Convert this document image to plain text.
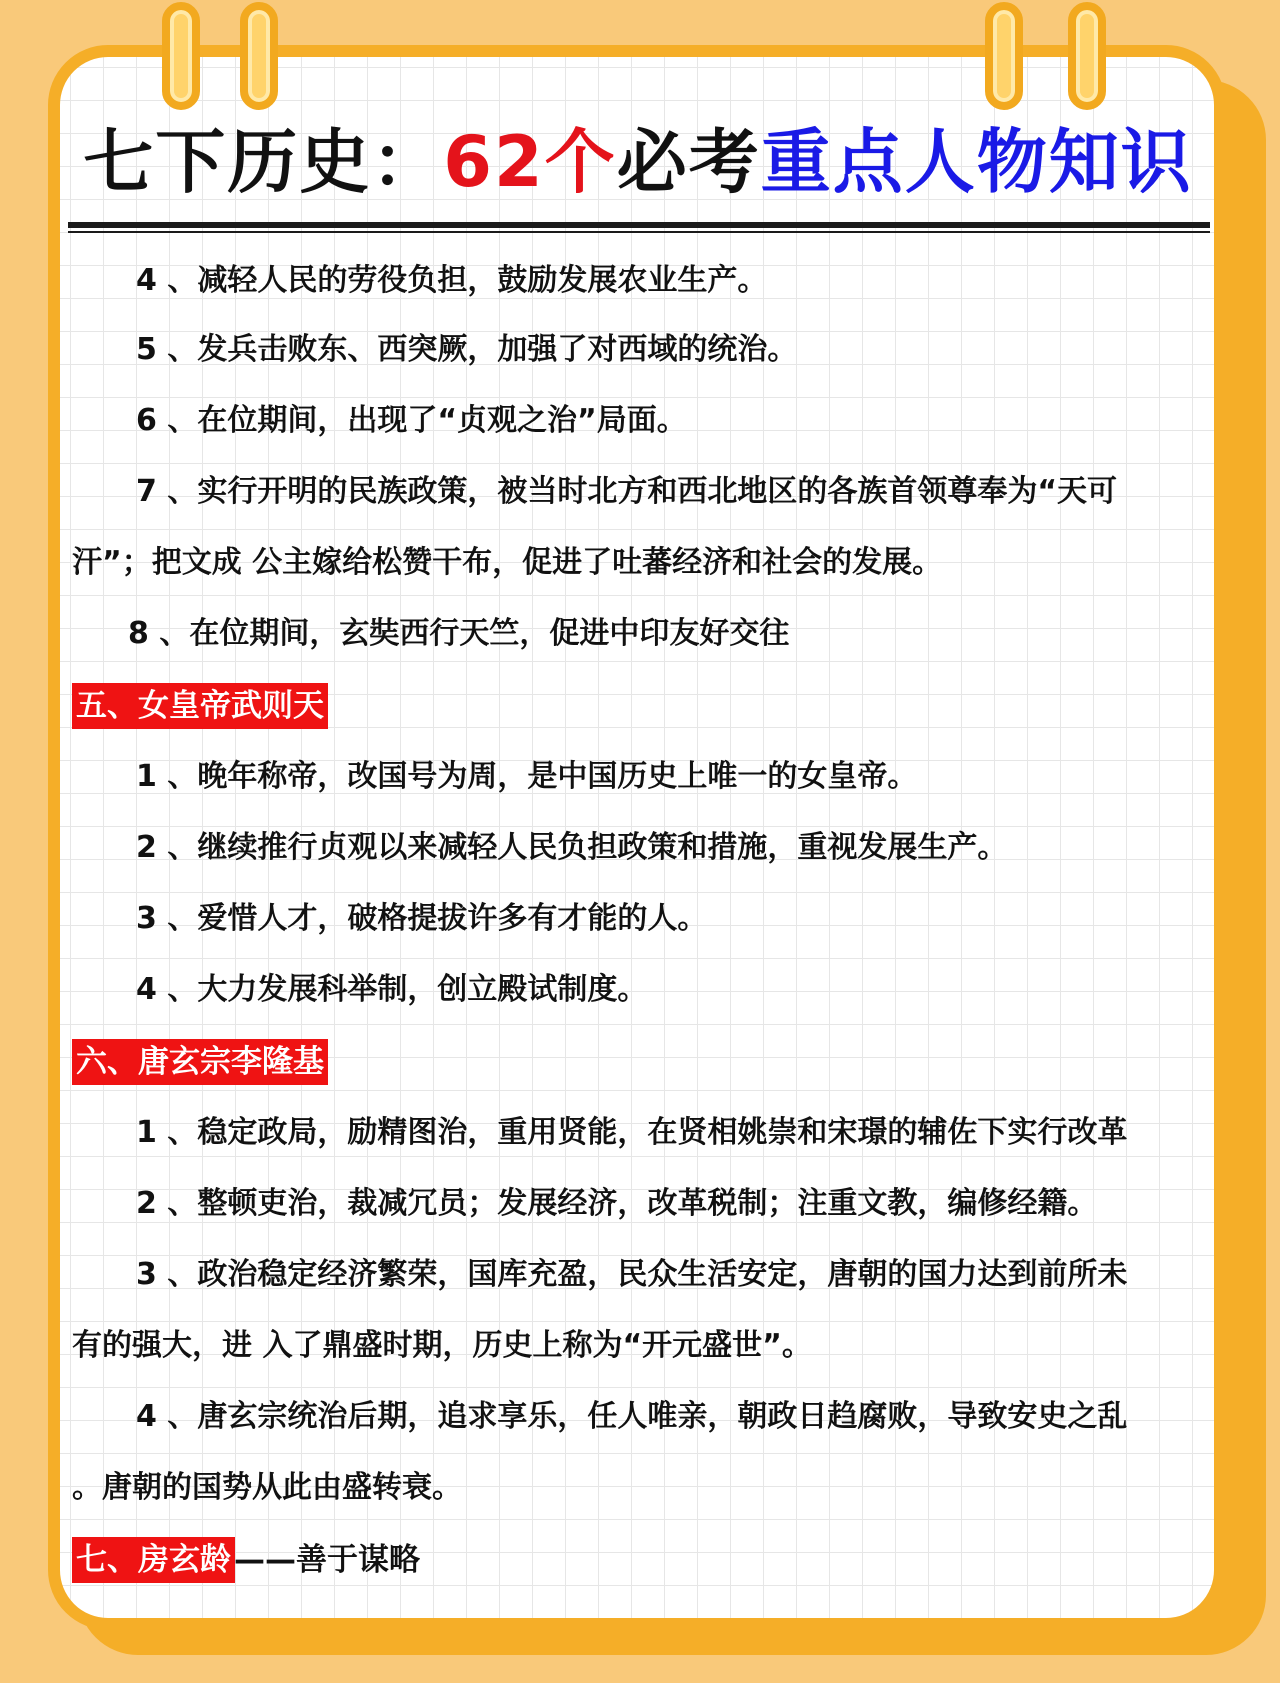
七下历史：62个必考重点人物知识
4 、减轻人民的劳役负担，鼓励发展农业生产。
5 、发兵击败东、西突厥，加强了对西域的统治。
6 、在位期间，出现了“贞观之治”局面。
7 、实行开明的民族政策，被当时北方和西北地区的各族首领尊奉为“天可
汗”；把文成 公主嫁给松赞干布，促进了吐蕃经济和社会的发展。
8 、在位期间，玄奘西行天竺，促进中印友好交往
五、女皇帝武则天
1 、晚年称帝，改国号为周，是中国历史上唯一的女皇帝。
2 、继续推行贞观以来减轻人民负担政策和措施，重视发展生产。
3 、爱惜人才，破格提拔许多有才能的人。
4 、大力发展科举制，创立殿试制度。
六、唐玄宗李隆基
1 、稳定政局，励精图治，重用贤能，在贤相姚崇和宋璟的辅佐下实行改革
2 、整顿吏治，裁减冗员；发展经济，改革税制；注重文教，编修经籍。
3 、政治稳定经济繁荣，国库充盈，民众生活安定，唐朝的国力达到前所未
有的强大，进 入了鼎盛时期，历史上称为“开元盛世”。
4 、唐玄宗统治后期，追求享乐，任人唯亲，朝政日趋腐败，导致安史之乱
。唐朝的国势从此由盛转衰。
七、房玄龄 ——善于谋略
